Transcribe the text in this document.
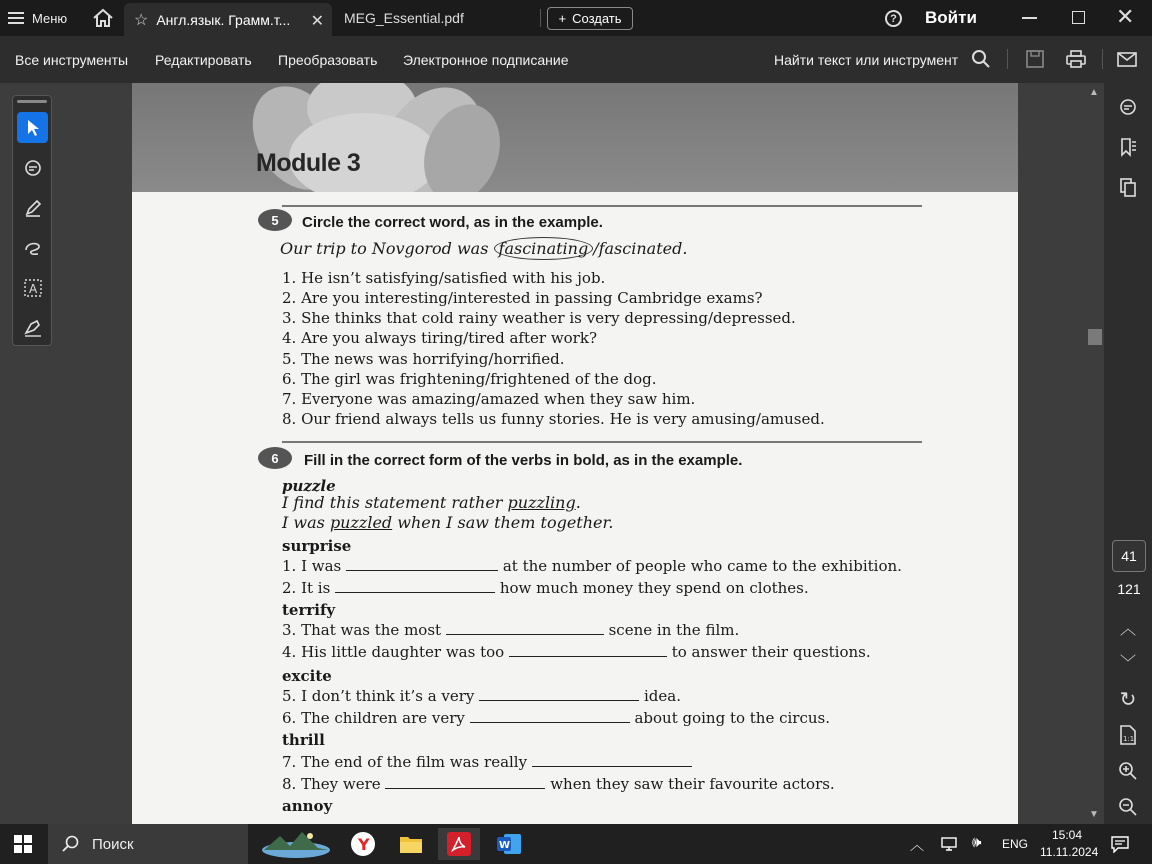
Меню	☆ Англ.язык. Грамм.т... ✕ MEG_Essential.pdf	+ Создать	?	Войти	✕
Все инструменты Редактировать Преобразовать Электронное подписание	Найти текст или инструмент
A
Module 3
5	Circle the correct word, as in the example.
Our trip to Novgorod was fascinating /fascinated.
1. He isn’t satisfying/satisfied with his job.
2. Are you interesting/interested in passing Cambridge exams?
3. She thinks that cold rainy weather is very depressing/depressed.
4. Are you always tiring/tired after work?
5. The news was horrifying/horrified.
6. The girl was frightening/frightened of the dog.
7. Everyone was amazing/amazed when they saw him.
8. Our friend always tells us funny stories. He is very amusing/amused.
6	Fill in the correct form of the verbs in bold, as in the example.
puzzle
I find this statement rather puzzling.
I was puzzled when I saw them together.
surprise
1. I was	at the number of people who came to the exhibition.
2. It is	how much money they spend on clothes.
terrify
3. That was the most	scene in the film.
4. His little daughter was too	to answer their questions.
excite
5. I don’t think it’s a very	idea.
6. The children are very	about going to the circus.
thrill
7. The end of the film was really
8. They were	when they saw their favourite actors.
annoy
▲
▼
41
121
︿
﹀
↻
1:1
Поиск	Y	W	︿	🕪 ENG
15:04
11.11.2024
